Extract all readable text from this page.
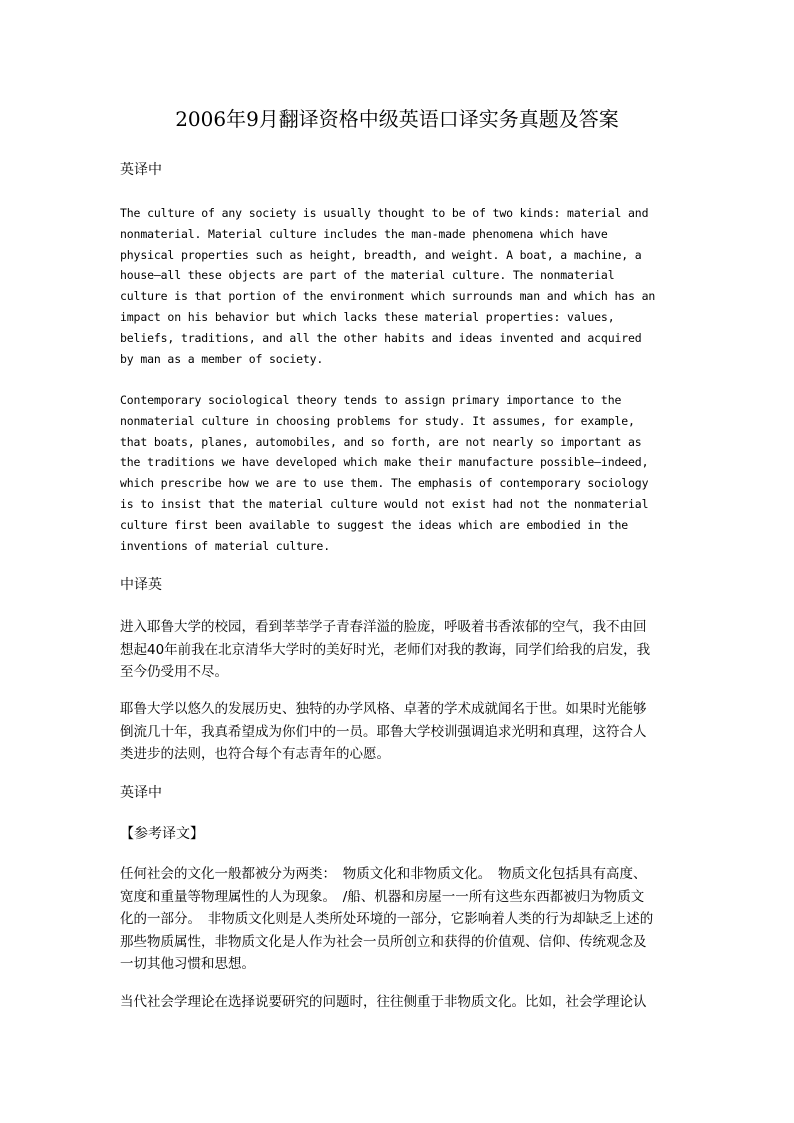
2006年9月翻译资格中级英语口译实务真题及答案
英译中
The culture of any society is usually thought to be of two kinds: material and
nonmaterial. Material culture includes the man-made phenomena which have
physical properties such as height, breadth, and weight. A boat, a machine, a
house—all these objects are part of the material culture. The nonmaterial
culture is that portion of the environment which surrounds man and which has an
impact on his behavior but which lacks these material properties: values,
beliefs, traditions, and all the other habits and ideas invented and acquired
by man as a member of society.
Contemporary sociological theory tends to assign primary importance to the
nonmaterial culture in choosing problems for study. It assumes, for example,
that boats, planes, automobiles, and so forth, are not nearly so important as
the traditions we have developed which make their manufacture possible—indeed,
which prescribe how we are to use them. The emphasis of contemporary sociology
is to insist that the material culture would not exist had not the nonmaterial
culture first been available to suggest the ideas which are embodied in the
inventions of material culture.
中译英
进入耶鲁大学的校园，看到莘莘学子青春洋溢的脸庞，呼吸着书香浓郁的空气，我不由回
想起40年前我在北京清华大学时的美好时光，老师们对我的教诲，同学们给我的启发，我
至今仍受用不尽。
耶鲁大学以悠久的发展历史、独特的办学风格、卓著的学术成就闻名于世。如果时光能够
倒流几十年，我真希望成为你们中的一员。耶鲁大学校训强调追求光明和真理，这符合人
类进步的法则，也符合每个有志青年的心愿。
英译中
【参考译文】
任何社会的文化一般都被分为两类：　物质文化和非物质文化。　物质文化包括具有高度、
宽度和重量等物理属性的人为现象。　/船、机器和房屋一一所有这些东西都被归为物质文
化的一部分。　非物质文化则是人类所处环境的一部分，它影响着人类的行为却缺乏上述的
那些物质属性，非物质文化是人作为社会一员所创立和获得的价值观、信仰、传统观念及
一切其他习惯和思想。
当代社会学理论在选择说要研究的问题时，往往侧重于非物质文化。比如，社会学理论认
